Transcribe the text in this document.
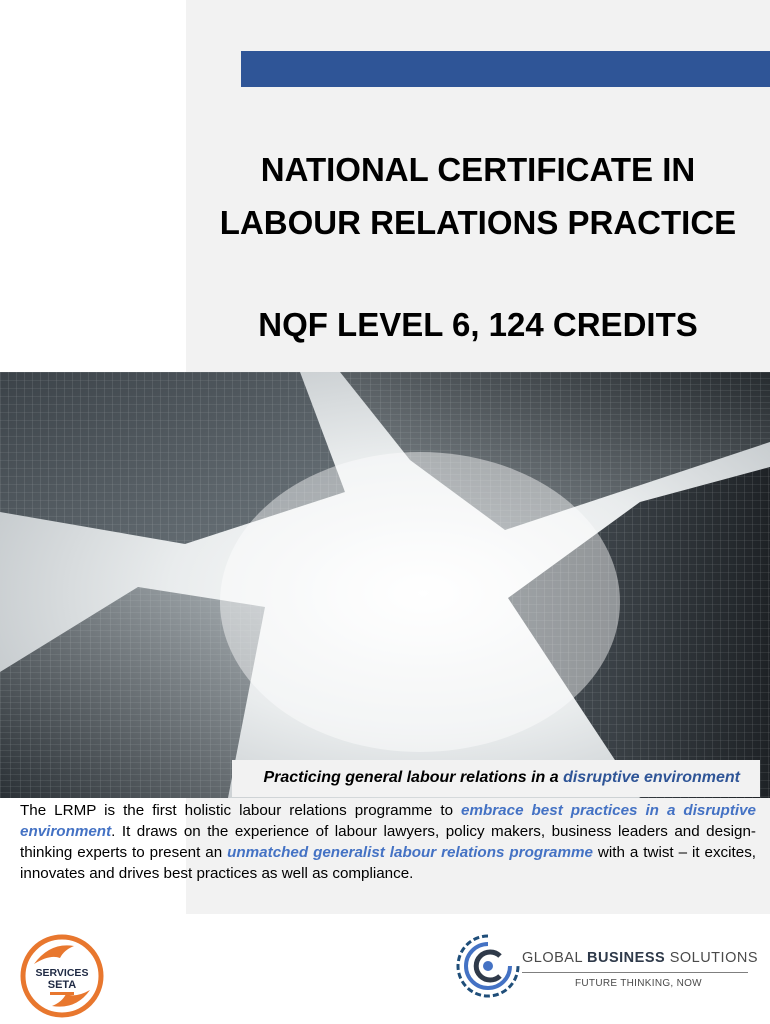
NATIONAL CERTIFICATE IN
LABOUR RELATIONS PRACTICE
NQF LEVEL 6, 124 CREDITS

Practicing general labour relations in a disruptive environment

The LRMP is the first holistic labour relations programme to embrace best practices in a disruptive environment. It draws on the experience of labour lawyers, policy makers, business leaders and design-thinking experts to present an unmatched generalist labour relations programme with a twist – it excites, innovates and drives best practices as well as compliance.

SERVICES
SETA
GLOBAL BUSINESS SOLUTIONS
FUTURE THINKING, NOW
